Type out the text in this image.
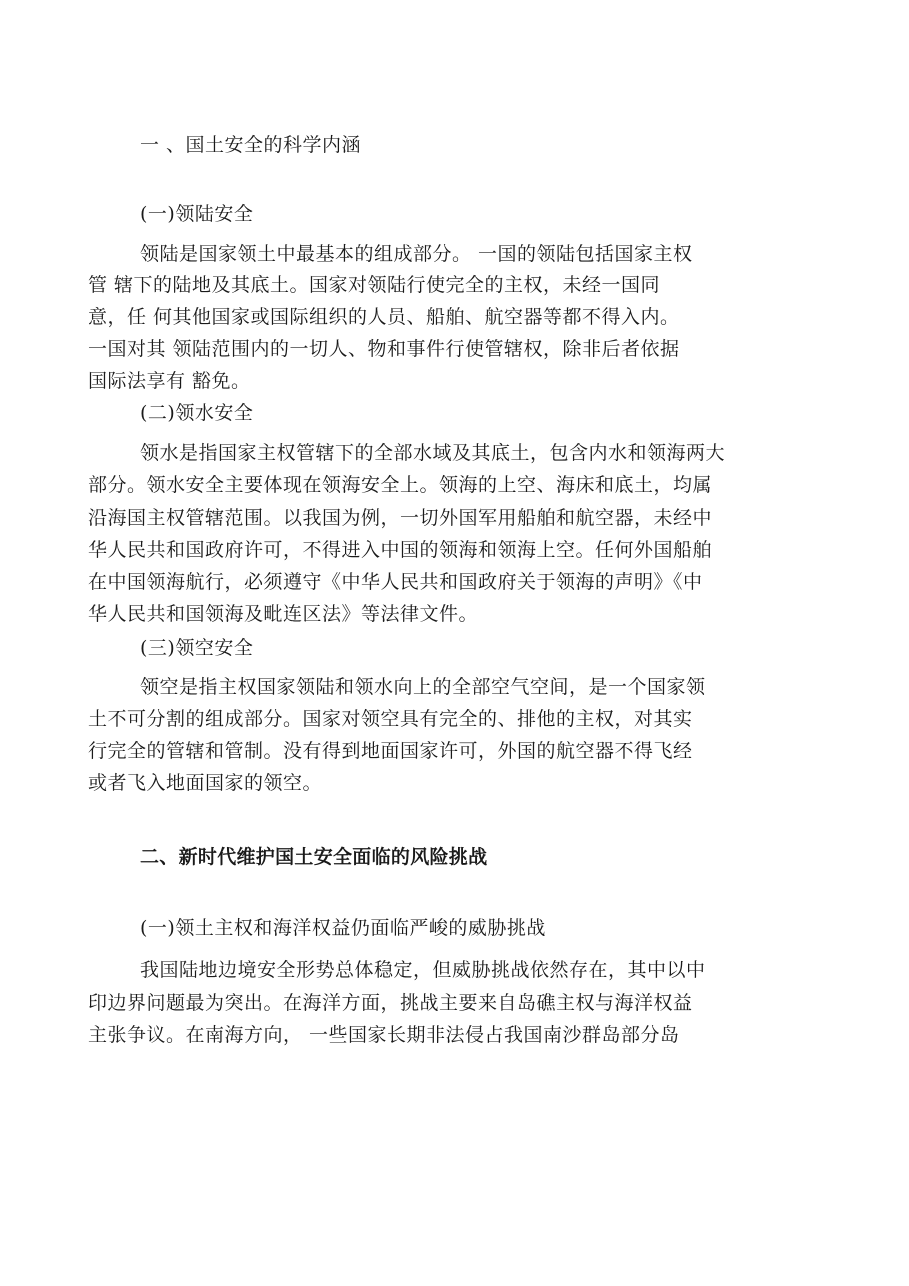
一 、国土安全的科学内涵
(一)领陆安全
领陆是国家领土中最基本的组成部分。 一国的领陆包括国家主权
管 辖下的陆地及其底土。国家对领陆行使完全的主权，未经一国同
意，任 何其他国家或国际组织的人员、船舶、航空器等都不得入内。
一国对其 领陆范围内的一切人、物和事件行使管辖权，除非后者依据
国际法享有 豁免。
(二)领水安全
领水是指国家主权管辖下的全部水域及其底土，包含内水和领海两大
部分。领水安全主要体现在领海安全上。领海的上空、海床和底土，均属
沿海国主权管辖范围。以我国为例，一切外国军用船舶和航空器，未经中
华人民共和国政府许可，不得进入中国的领海和领海上空。任何外国船舶
在中国领海航行，必须遵守《中华人民共和国政府关于领海的声明》《中
华人民共和国领海及毗连区法》等法律文件。
(三)领空安全
领空是指主权国家领陆和领水向上的全部空气空间，是一个国家领
土不可分割的组成部分。国家对领空具有完全的、排他的主权，对其实
行完全的管辖和管制。没有得到地面国家许可，外国的航空器不得飞经
或者飞入地面国家的领空。
二、新时代维护国土安全面临的风险挑战
(一)领土主权和海洋权益仍面临严峻的威胁挑战
我国陆地边境安全形势总体稳定，但威胁挑战依然存在，其中以中
印边界问题最为突出。在海洋方面，挑战主要来自岛礁主权与海洋权益
主张争议。在南海方向， 一些国家长期非法侵占我国南沙群岛部分岛
